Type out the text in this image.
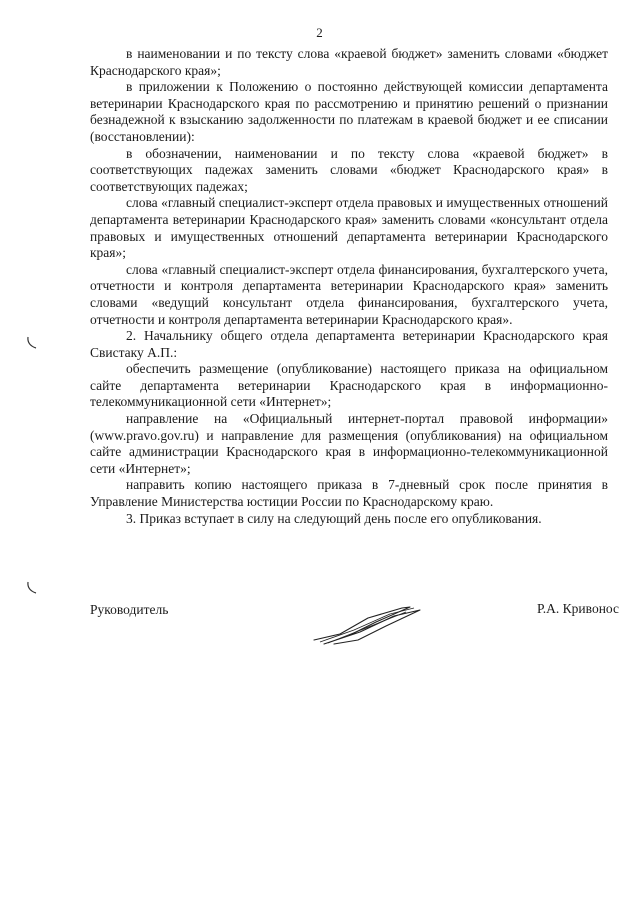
2

в наименовании и по тексту слова «краевой бюджет» заменить словами «бюджет Краснодарского края»;

в приложении к Положению о постоянно действующей комиссии департамента ветеринарии Краснодарского края по рассмотрению и принятию решений о признании безнадежной к взысканию задолженности по платежам в краевой бюджет и ее списании (восстановлении):

в обозначении, наименовании и по тексту слова «краевой бюджет» в соответствующих падежах заменить словами «бюджет Краснодарского края» в соответствующих падежах;

слова «главный специалист-эксперт отдела правовых и имущественных отношений департамента ветеринарии Краснодарского края» заменить словами «консультант отдела правовых и имущественных отношений департамента ветеринарии Краснодарского края»;

слова «главный специалист-эксперт отдела финансирования, бухгалтерского учета, отчетности и контроля департамента ветеринарии Краснодарского края» заменить словами «ведущий консультант отдела финансирования, бухгалтерского учета, отчетности и контроля департамента ветеринарии Краснодарского края».

2. Начальнику общего отдела департамента ветеринарии Краснодарского края Свистаку А.П.:

обеспечить размещение (опубликование) настоящего приказа на официальном сайте департамента ветеринарии Краснодарского края в информационно-телекоммуникационной сети «Интернет»;

направление на «Официальный интернет-портал правовой информации» (www.pravo.gov.ru) и направление для размещения (опубликования) на официальном сайте администрации Краснодарского края в информационно-телекоммуникационной сети «Интернет»;

направить копию настоящего приказа в 7-дневный срок после принятия в Управление Министерства юстиции России по Краснодарскому краю.

3. Приказ вступает в силу на следующий день после его опубликования.

Руководитель	Р.А. Кривонос
